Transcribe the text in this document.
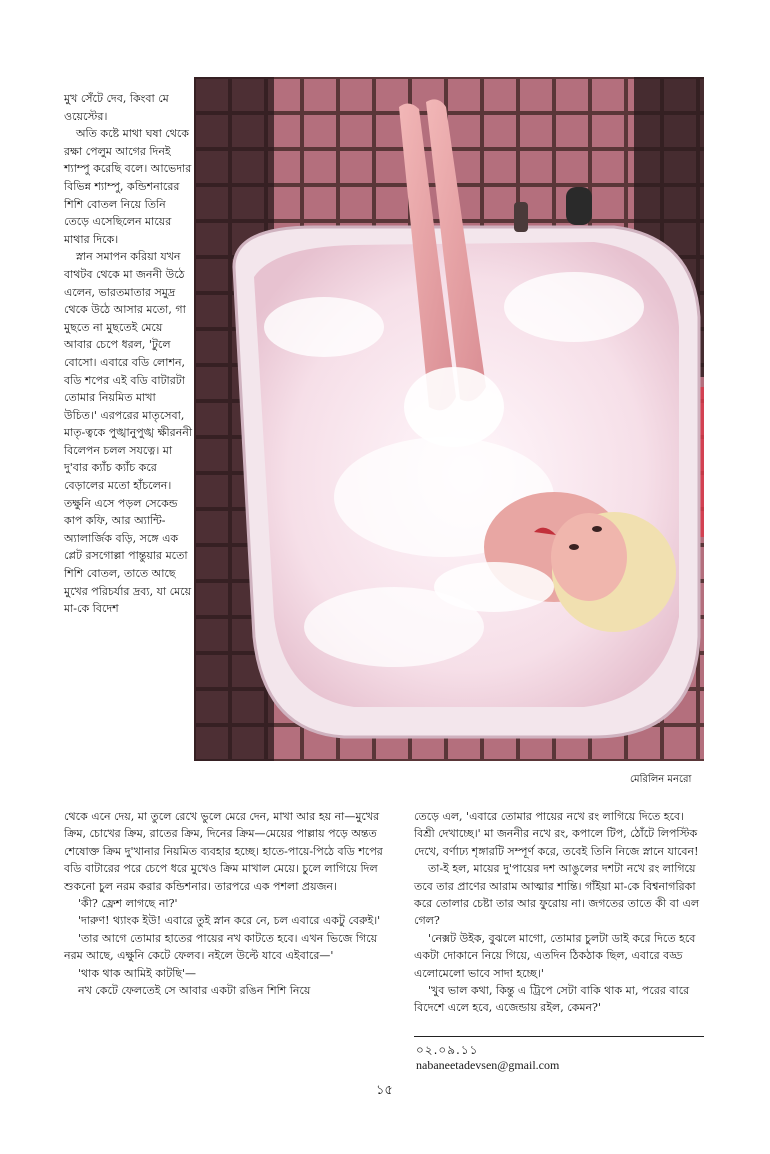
মুখ সেঁটে দেব, কিংবা মে ওয়েস্টের।

অতি কষ্টে মাথা ঘষা থেকে রক্ষা পেলুম আগের দিনই শ্যাম্পু করেছি বলে। আভেদার বিভিন্ন শ্যাম্পু, কন্ডিশনারের শিশি বোতল নিয়ে তিনি তেড়ে এসেছিলেন মায়ের মাথার দিকে।

স্নান সমাপন করিয়া যখন বাথটব থেকে মা জননী উঠে এলেন, ভারতমাতার সমুদ্র থেকে উঠে আসার মতো, গা মুছতে না মুছতেই মেয়ে আবার চেপে ধরল, 'টুলে বোসো। এবারে বডি লোশন, বডি শপের এই বডি বাটারটা তোমার নিয়মিত মাখা উচিত।' এরপরের মাতৃসেবা, মাতৃ-ত্বকে পুঙ্খানুপুঙ্খ ক্ষীরননী বিলেপন চলল সযত্নে। মা দু'বার ক্যাঁচ ক্যাঁচ করে বেড়ালের মতো হাঁচলেন। তক্ষুনি এসে পড়ল সেকেন্ড কাপ কফি, আর অ্যান্টি-অ্যালার্জিক বড়ি, সঙ্গে এক প্লেট রসগোল্লা পান্তুয়ার মতো শিশি বোতল, তাতে আছে মুখের পরিচর্যার দ্রব্য, যা মেয়ে মা-কে বিদেশ

মেরিলিন মনরো

থেকে এনে দেয়, মা তুলে রেখে ভুলে মেরে দেন, মাখা আর হয় না—মুখের ক্রিম, চোখের ক্রিম, রাতের ক্রিম, দিনের ক্রিম—মেয়ের পাল্লায় পড়ে অন্তত শেষোক্ত ক্রিম দু'খানার নিয়মিত ব্যবহার হচ্ছে। হাতে-পায়ে-পিঠে বডি শপের বডি বাটারের পরে চেপে ধরে মুখেও ক্রিম মাখাল মেয়ে। চুলে লাগিয়ে দিল শুকনো চুল নরম করার কন্ডিশনার। তারপরে এক পশলা প্রয়জন।

'কী? ফ্রেশ লাগছে না?'

'দারুণ! থ্যাংক ইউ! এবারে তুই স্নান করে নে, চল এবারে একটু বেরুই।'

'তার আগে তোমার হাতের পায়ের নখ কাটতে হবে। এখন ভিজে গিয়ে নরম আছে, এক্ষুনি কেটে ফেলব। নইলে উল্টে যাবে এইবারে—'

'থাক থাক আমিই কাটছি'—

নখ কেটে ফেলতেই সে আবার একটা রঙিন শিশি নিয়ে

তেড়ে এল, 'এবারে তোমার পায়ের নখে রং লাগিয়ে দিতে হবে। বিশ্রী দেখাচ্ছে।' মা জননীর নখে রং, কপালে টিপ, ঠোঁটে লিপস্টিক দেখে, বর্ণাঢ্য শৃঙ্গারটি সম্পূর্ণ করে, তবেই তিনি নিজে স্নানে যাবেন!

তা-ই হল, মায়ের দু'পায়ের দশ আঙুলের দশটা নখে রং লাগিয়ে তবে তার প্রাণের আরাম আত্মার শান্তি। গাঁইয়া মা-কে বিশ্বনাগরিকা করে তোলার চেষ্টা তার আর ফুরোয় না। জগতের তাতে কী বা এল গেল?

'নেক্সট উইক, বুঝলে মাগো, তোমার চুলটা ডাই করে দিতে হবে একটা দোকানে নিয়ে গিয়ে, এতদিন ঠিকঠাক ছিল, এবারে বড্ড এলোমেলো ভাবে সাদা হচ্ছে।'

'খুব ভাল কথা, কিন্তু এ ট্রিপে সেটা বাকি থাক মা, পরের বারে বিদেশে এলে হবে, এজেন্ডায় রইল, কেমন?'

০২.০৯.১১
nabaneetadevsen@gmail.com
১৫
